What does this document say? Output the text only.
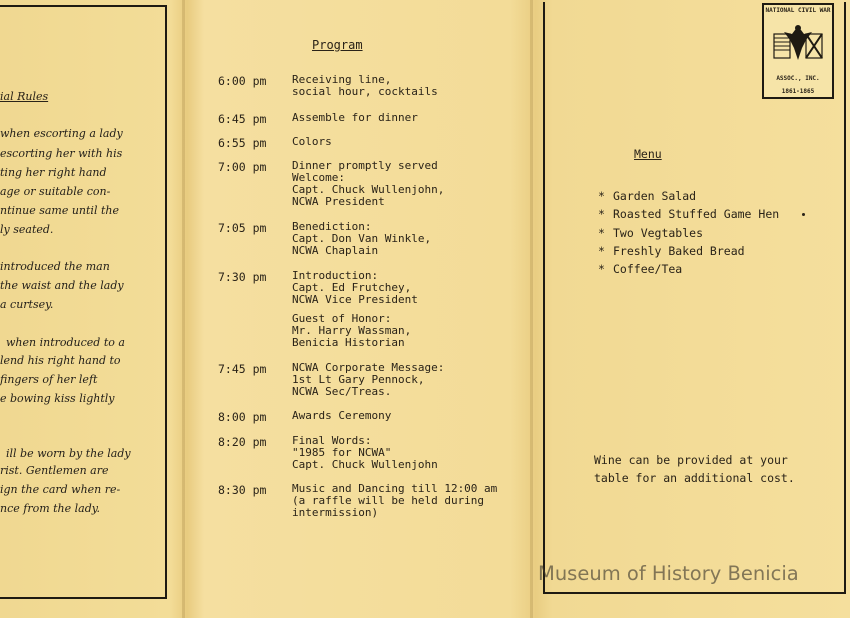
ial Rules
when escorting a lady
escorting her with his
ting her right hand
age or suitable con-
ntinue same until the
ly seated.
introduced the man
the waist and the lady
a curtsey.
when introduced to a
lend his right hand to
fingers of her left
e bowing kiss lightly
ill be worn by the lady
rist. Gentlemen are
ign the card when re-
nce from the lady.
Program
6:00 pm Receiving line,
social hour, cocktails
6:45 pm Assemble for dinner
6:55 pm Colors
7:00 pm Dinner promptly served
Welcome:
Capt. Chuck Wullenjohn,
NCWA President
7:05 pm Benediction:
Capt. Don Van Winkle,
NCWA Chaplain
7:30 pm Introduction:
Capt. Ed Frutchey,
NCWA Vice President
Guest of Honor:
Mr. Harry Wassman,
Benicia Historian
7:45 pm NCWA Corporate Message:
1st Lt Gary Pennock,
NCWA Sec/Treas.
8:00 pm Awards Ceremony
8:20 pm Final Words:
"1985 for NCWA"
Capt. Chuck Wullenjohn
8:30 pm Music and Dancing till 12:00 am
(a raffle will be held during
intermission)
NATIONAL CIVIL WAR
ASSOC., INC.
1861-1865
Menu
* Garden Salad
* Roasted Stuffed Game Hen
* Two Vegtables
* Freshly Baked Bread
* Coffee/Tea
Wine can be provided at your
table for an additional cost.
Museum of History Benicia
